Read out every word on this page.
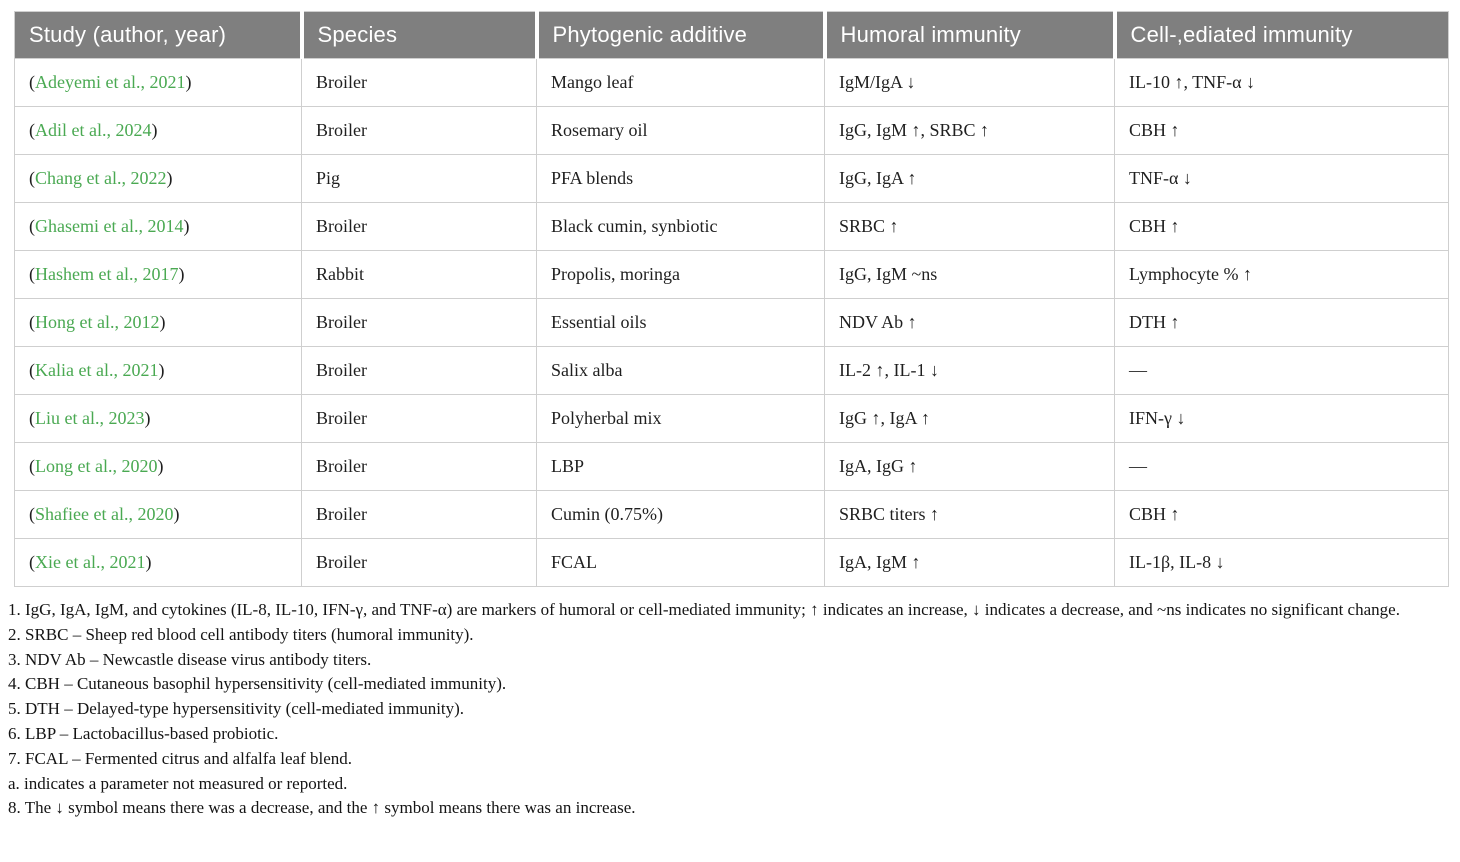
Study (author, year)	Species	Phytogenic additive	Humoral immunity	Cell-,ediated immunity
(Adeyemi et al., 2021)	Broiler	Mango leaf	IgM/IgA ↓	IL-10 ↑, TNF-α ↓
(Adil et al., 2024)	Broiler	Rosemary oil	IgG, IgM ↑, SRBC ↑	CBH ↑
(Chang et al., 2022)	Pig	PFA blends	IgG, IgA ↑	TNF-α ↓
(Ghasemi et al., 2014)	Broiler	Black cumin, synbiotic	SRBC ↑	CBH ↑
(Hashem et al., 2017)	Rabbit	Propolis, moringa	IgG, IgM ~ns	Lymphocyte % ↑
(Hong et al., 2012)	Broiler	Essential oils	NDV Ab ↑	DTH ↑
(Kalia et al., 2021)	Broiler	Salix alba	IL-2 ↑, IL-1 ↓	—
(Liu et al., 2023)	Broiler	Polyherbal mix	IgG ↑, IgA ↑	IFN-γ ↓
(Long et al., 2020)	Broiler	LBP	IgA, IgG ↑	—
(Shafiee et al., 2020)	Broiler	Cumin (0.75%)	SRBC titers ↑	CBH ↑
(Xie et al., 2021)	Broiler	FCAL	IgA, IgM ↑	IL-1β, IL-8 ↓
1. IgG, IgA, IgM, and cytokines (IL-8, IL-10, IFN-γ, and TNF-α) are markers of humoral or cell-mediated immunity; ↑ indicates an increase, ↓ indicates a decrease, and ~ns indicates no significant change.
2. SRBC – Sheep red blood cell antibody titers (humoral immunity).
3. NDV Ab – Newcastle disease virus antibody titers.
4. CBH – Cutaneous basophil hypersensitivity (cell-mediated immunity).
5. DTH – Delayed-type hypersensitivity (cell-mediated immunity).
6. LBP – Lactobacillus-based probiotic.
7. FCAL – Fermented citrus and alfalfa leaf blend.
a. indicates a parameter not measured or reported.
8. The ↓ symbol means there was a decrease, and the ↑ symbol means there was an increase.
